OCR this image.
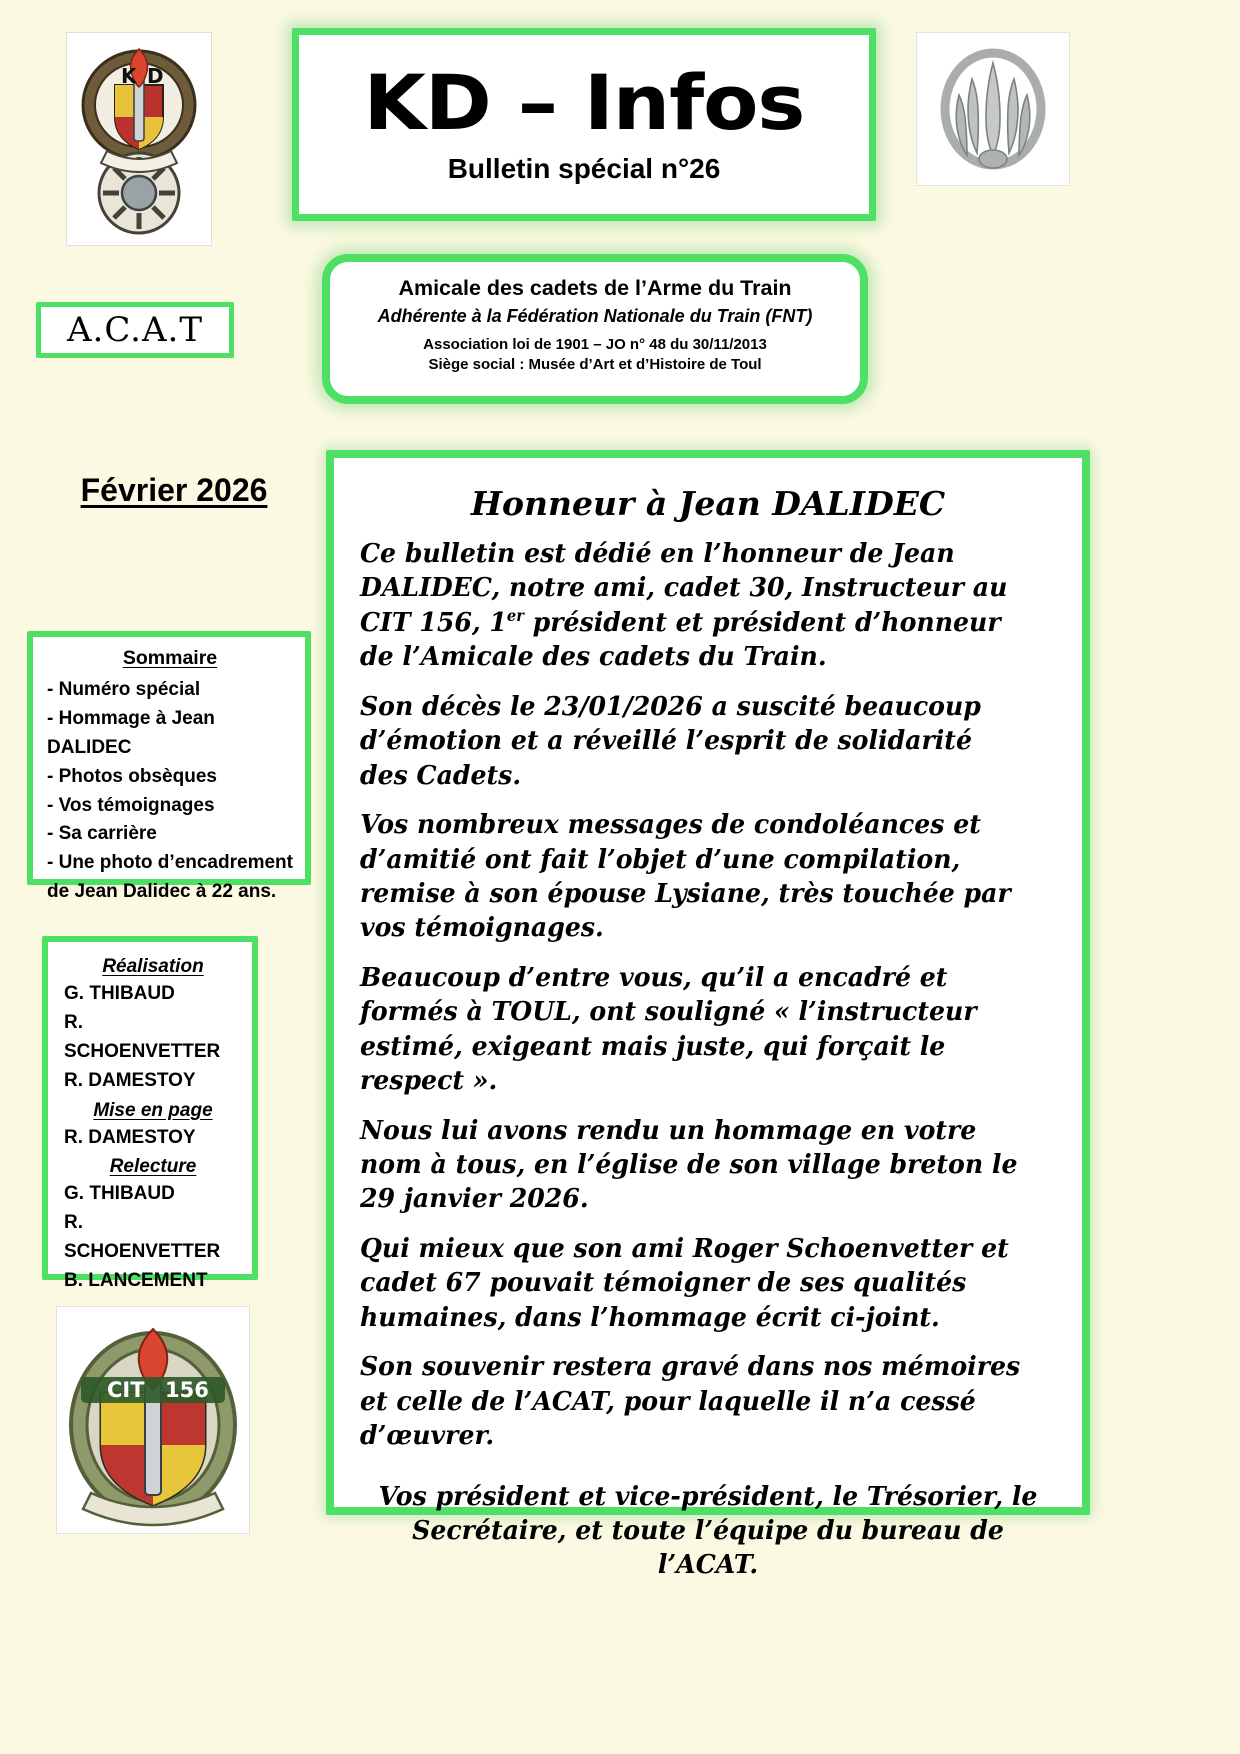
K D	KD – Infos
Bulletin spécial n°26
A.C.A.T
Amicale des cadets de l’Arme du Train
Adhérente à la Fédération Nationale du Train (FNT)
Association loi de 1901 – JO n° 48 du 30/11/2013
Siège social : Musée d’Art et d’Histoire de Toul
Février 2026
Sommaire
- Numéro spécial
- Hommage à Jean DALIDEC
- Photos obsèques
- Vos témoignages
- Sa carrière
- Une photo d’encadrement de Jean Dalidec à 22 ans.
Réalisation
G. THIBAUD
R. SCHOENVETTER
R. DAMESTOY
Mise en page
R. DAMESTOY
Relecture
G. THIBAUD
R. SCHOENVETTER
B. LANCEMENT
CIT 156
Honneur à Jean DALIDEC

Ce bulletin est dédié en l’honneur de Jean DALIDEC, notre ami, cadet 30, Instructeur au CIT 156, 1er président et président d’honneur de l’Amicale des cadets du Train.

Son décès le 23/01/2026 a suscité beaucoup d’émotion et a réveillé l’esprit de solidarité des Cadets.

Vos nombreux messages de condoléances et d’amitié ont fait l’objet d’une compilation, remise à son épouse Lysiane, très touchée par vos témoignages.

Beaucoup d’entre vous, qu’il a encadré et formés à TOUL, ont souligné « l’instructeur estimé, exigeant mais juste, qui forçait le respect ».

Nous lui avons rendu un hommage en votre nom à tous, en l’église de son village breton le 29 janvier 2026.

Qui mieux que son ami Roger Schoenvetter et cadet 67 pouvait témoigner de ses qualités humaines, dans l’hommage écrit ci-joint.

Son souvenir restera gravé dans nos mémoires et celle de l’ACAT, pour laquelle il n’a cessé d’œuvrer.

Vos président et vice-président, le Trésorier, le Secrétaire, et toute l’équipe du bureau de l’ACAT.
